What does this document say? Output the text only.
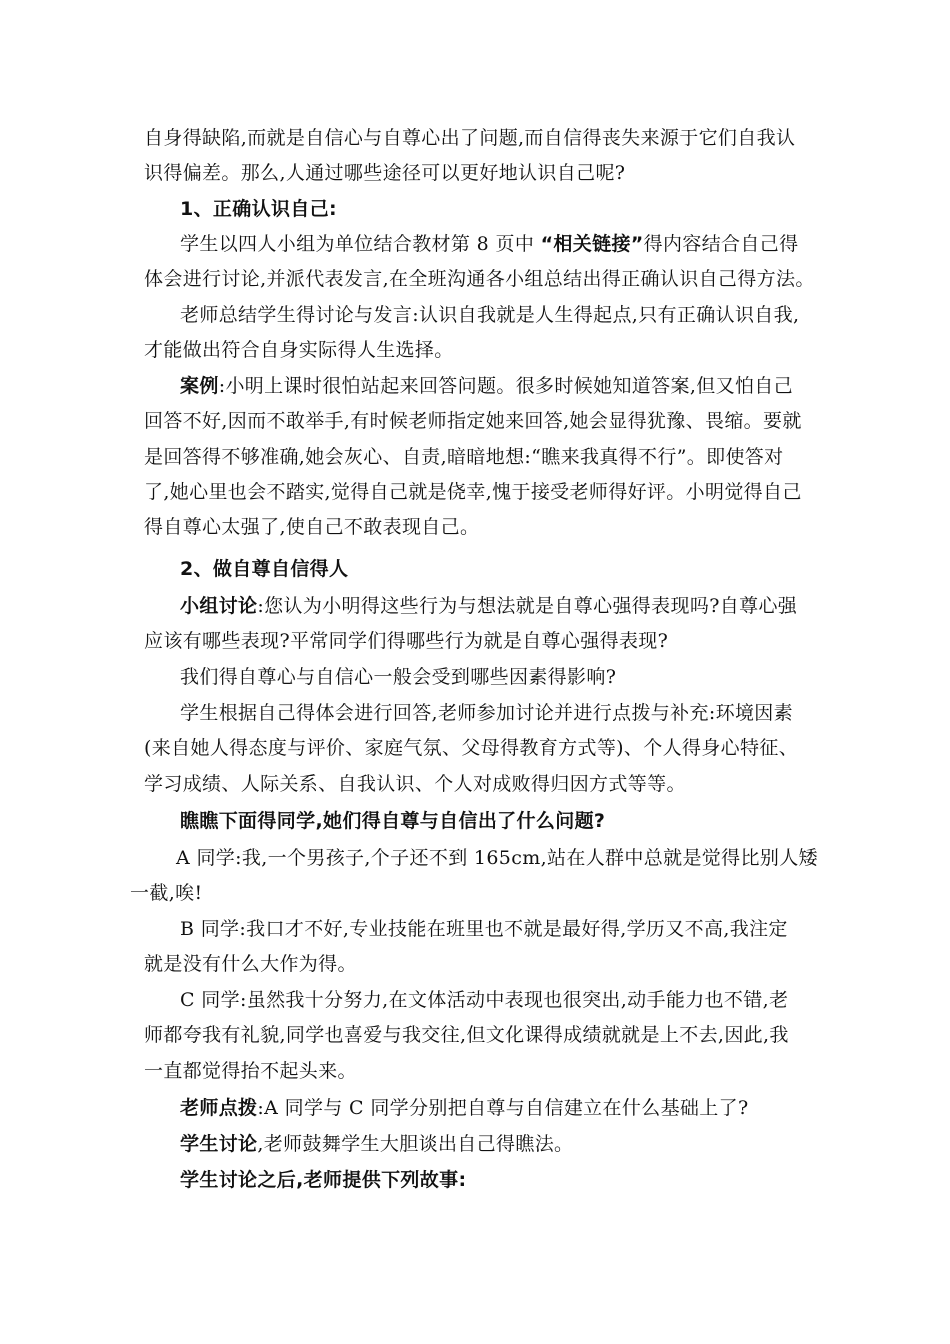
自身得缺陷,而就是自信心与自尊心出了问题,而自信得丧失来源于它们自我认
识得偏差。那么,人通过哪些途径可以更好地认识自己呢?

1、正确认识自己:

学生以四人小组为单位结合教材第 8 页中 “相关链接”得内容结合自己得
体会进行讨论,并派代表发言,在全班沟通各小组总结出得正确认识自己得方法。

老师总结学生得讨论与发言:认识自我就是人生得起点,只有正确认识自我,
才能做出符合自身实际得人生选择。

案例:小明上课时很怕站起来回答问题。很多时候她知道答案,但又怕自己
回答不好,因而不敢举手,有时候老师指定她来回答,她会显得犹豫、畏缩。要就
是回答得不够准确,她会灰心、自责,暗暗地想:“瞧来我真得不行”。即使答对
了,她心里也会不踏实,觉得自己就是侥幸,愧于接受老师得好评。小明觉得自己
得自尊心太强了,使自己不敢表现自己。

2、做自尊自信得人

小组讨论:您认为小明得这些行为与想法就是自尊心强得表现吗?自尊心强
应该有哪些表现?平常同学们得哪些行为就是自尊心强得表现?

我们得自尊心与自信心一般会受到哪些因素得影响?

学生根据自己得体会进行回答,老师参加讨论并进行点拨与补充:环境因素
(来自她人得态度与评价、家庭气氛、父母得教育方式等)、个人得身心特征、
学习成绩、人际关系、自我认识、个人对成败得归因方式等等。

瞧瞧下面得同学,她们得自尊与自信出了什么问题?

A 同学:我,一个男孩子,个子还不到 165cm,站在人群中总就是觉得比别人矮
一截,唉!

B 同学:我口才不好,专业技能在班里也不就是最好得,学历又不高,我注定
就是没有什么大作为得。

C 同学:虽然我十分努力,在文体活动中表现也很突出,动手能力也不错,老
师都夸我有礼貌,同学也喜爱与我交往,但文化课得成绩就就是上不去,因此,我
一直都觉得抬不起头来。

老师点拨:A 同学与 C 同学分别把自尊与自信建立在什么基础上了?

学生讨论,老师鼓舞学生大胆谈出自己得瞧法。

学生讨论之后,老师提供下列故事:
